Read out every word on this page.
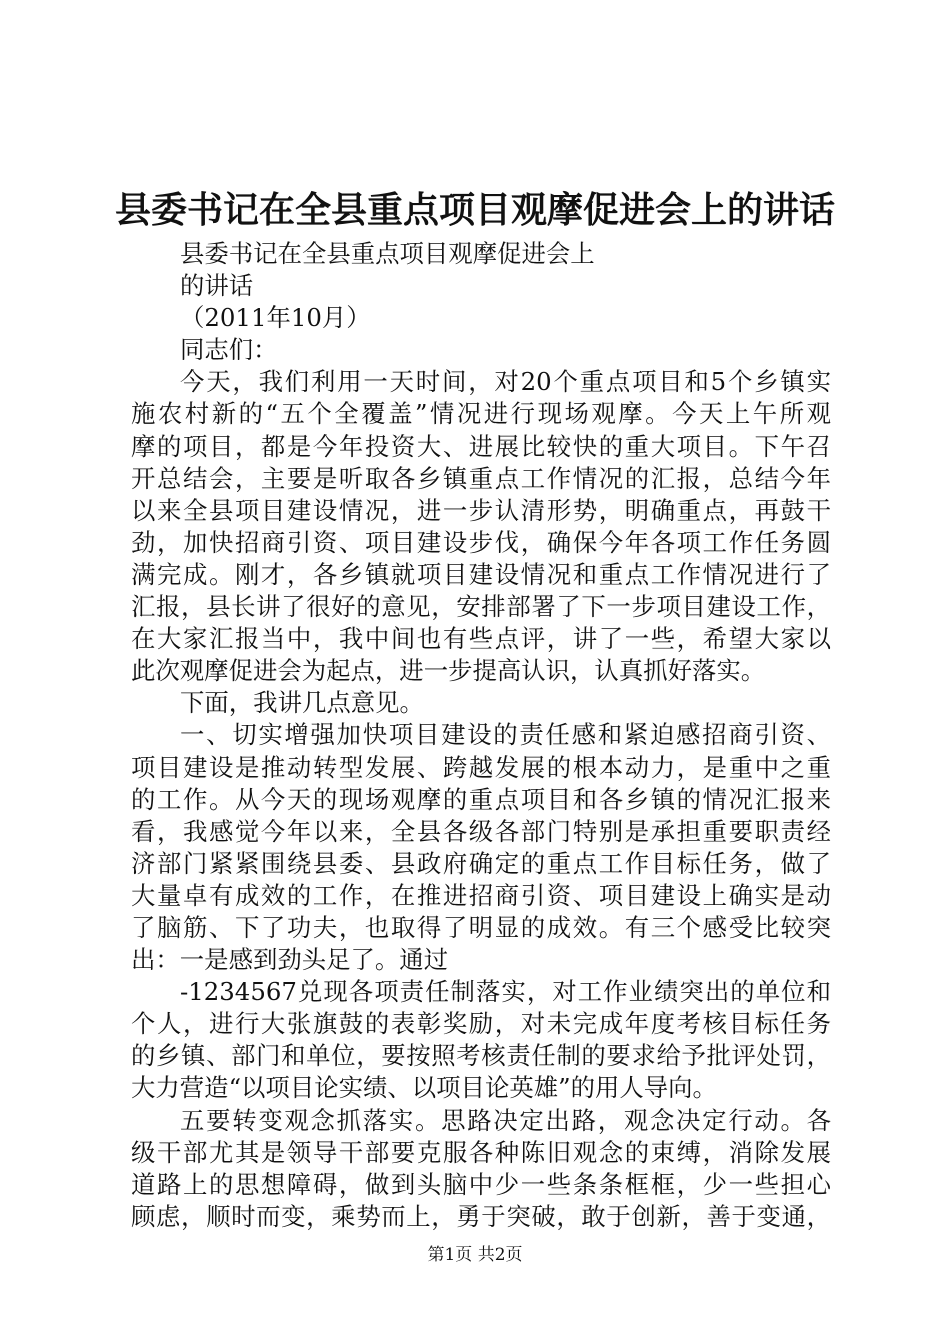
县委书记在全县重点项目观摩促进会上的讲话
县委书记在全县重点项目观摩促进会上
的讲话
（2011年10月）
同志们：
今天，我们利用一天时间，对20个重点项目和5个乡镇实
施农村新的“五个全覆盖”情况进行现场观摩。今天上午所观
摩的项目，都是今年投资大、进展比较快的重大项目。下午召
开总结会，主要是听取各乡镇重点工作情况的汇报，总结今年
以来全县项目建设情况，进一步认清形势，明确重点，再鼓干
劲，加快招商引资、项目建设步伐，确保今年各项工作任务圆
满完成。刚才，各乡镇就项目建设情况和重点工作情况进行了
汇报，县长讲了很好的意见，安排部署了下一步项目建设工作，
在大家汇报当中，我中间也有些点评，讲了一些，希望大家以
此次观摩促进会为起点，进一步提高认识，认真抓好落实。
下面，我讲几点意见。
一、切实增强加快项目建设的责任感和紧迫感招商引资、
项目建设是推动转型发展、跨越发展的根本动力，是重中之重
的工作。从今天的现场观摩的重点项目和各乡镇的情况汇报来
看，我感觉今年以来，全县各级各部门特别是承担重要职责经
济部门紧紧围绕县委、县政府确定的重点工作目标任务，做了
大量卓有成效的工作，在推进招商引资、项目建设上确实是动
了脑筋、下了功夫，也取得了明显的成效。有三个感受比较突
出：一是感到劲头足了。通过
-1234567兑现各项责任制落实，对工作业绩突出的单位和
个人，进行大张旗鼓的表彰奖励，对未完成年度考核目标任务
的乡镇、部门和单位，要按照考核责任制的要求给予批评处罚，
大力营造“以项目论实绩、以项目论英雄”的用人导向。
五要转变观念抓落实。思路决定出路，观念决定行动。各
级干部尤其是领导干部要克服各种陈旧观念的束缚，消除发展
道路上的思想障碍，做到头脑中少一些条条框框，少一些担心
顾虑，顺时而变，乘势而上，勇于突破，敢于创新，善于变通，
第1页 共2页
